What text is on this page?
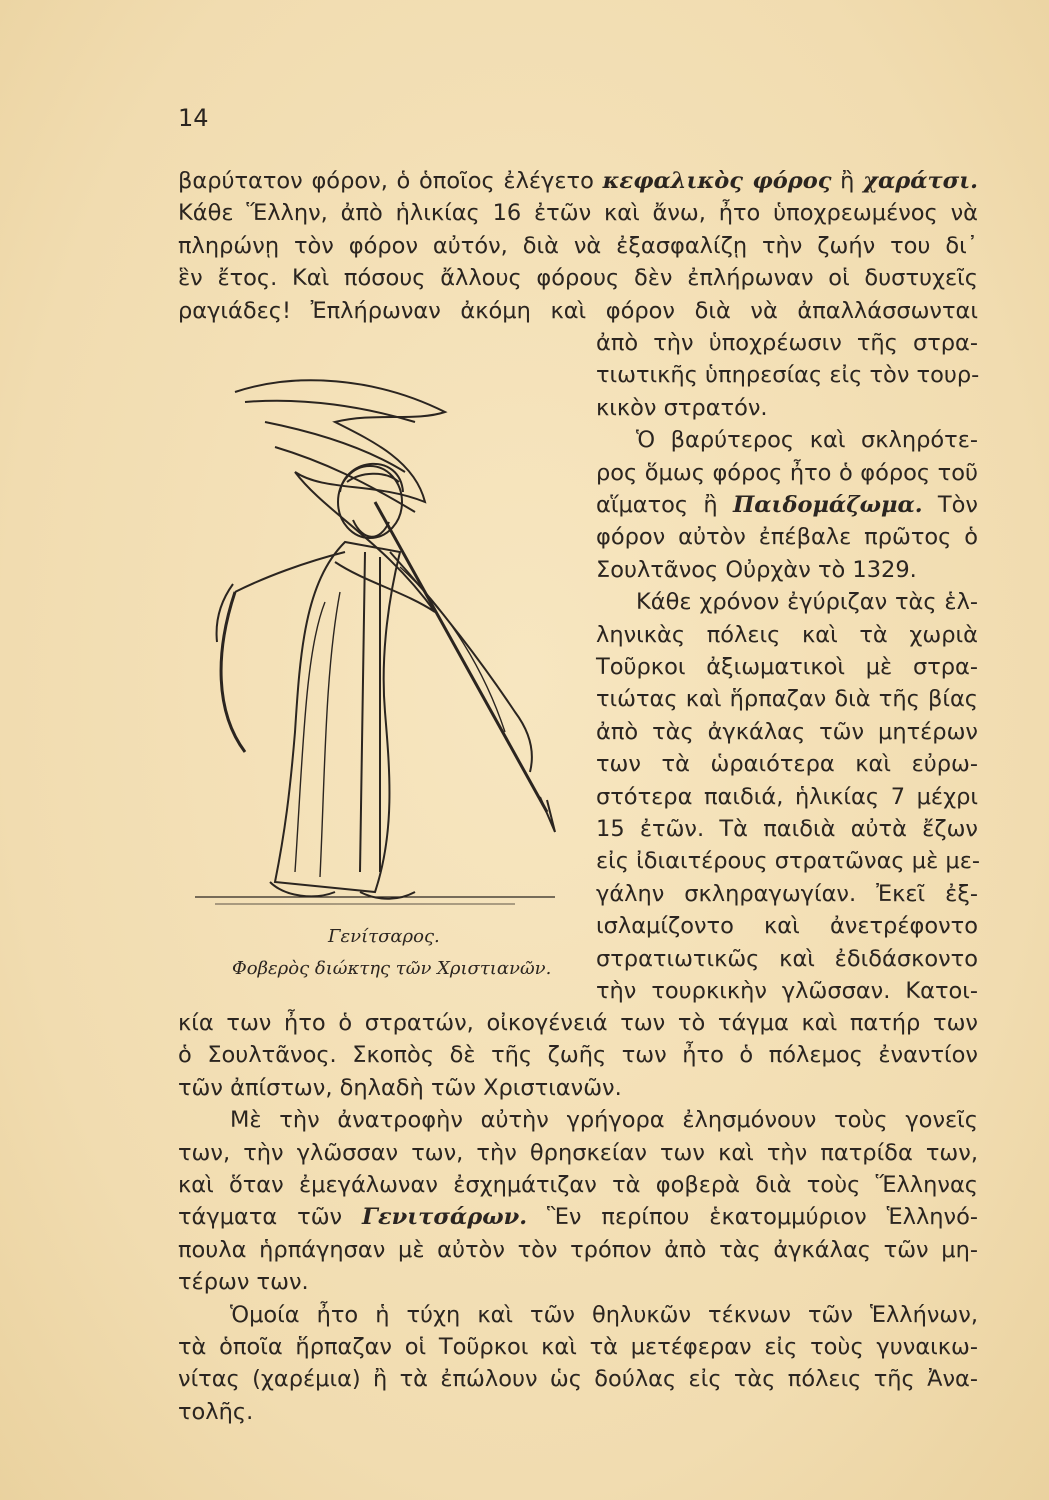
14
βαρύτατον φόρον, ὁ ὁποῖος ἐλέγετο κεφαλικὸς φόρος ἢ χαράτσι.
Κάθε Ἕλλην, ἀπὸ ἡλικίας 16 ἐτῶν καὶ ἄνω, ἦτο ὑποχρεωμένος νὰ
πληρώνῃ τὸν φόρον αὐτόν, διὰ νὰ ἐξασφαλίζῃ τὴν ζωήν του δι᾽
ἓν ἔτος. Καὶ πόσους ἄλλους φόρους δὲν ἐπλήρωναν οἱ δυστυχεῖς
ραγιάδες! Ἐπλήρωναν ἀκόμη καὶ φόρον διὰ νὰ ἀπαλλάσσωνται
ἀπὸ τὴν ὑποχρέωσιν τῆς στρα-
τιωτικῆς ὑπηρεσίας εἰς τὸν τουρ-
κικὸν στρατόν.
Ὁ βαρύτερος καὶ σκληρότε-
ρος ὅμως φόρος ἦτο ὁ φόρος τοῦ
αἵματος ἢ Παιδομάζωμα. Τὸν
φόρον αὐτὸν ἐπέβαλε πρῶτος ὁ
Σουλτᾶνος Οὐρχὰν τὸ 1329.
Κάθε χρόνον ἐγύριζαν τὰς ἑλ-
ληνικὰς πόλεις καὶ τὰ χωριὰ
Τοῦρκοι ἀξιωματικοὶ μὲ στρα-
τιώτας καὶ ἥρπαζαν διὰ τῆς βίας
ἀπὸ τὰς ἀγκάλας τῶν μητέρων
των τὰ ὡραιότερα καὶ εὐρω-
στότερα παιδιά, ἡλικίας 7 μέχρι
15 ἐτῶν. Τὰ παιδιὰ αὐτὰ ἔζων
εἰς ἰδιαιτέρους στρατῶνας μὲ με-
γάλην σκληραγωγίαν. Ἐκεῖ ἐξ-
ισλαμίζοντο καὶ ἀνετρέφοντο
στρατιωτικῶς καὶ ἐδιδάσκοντο
τὴν τουρκικὴν γλῶσσαν. Κατοι-
κία των ἦτο ὁ στρατών, οἰκογένειά των τὸ τάγμα καὶ πατήρ των
ὁ Σουλτᾶνος. Σκοπὸς δὲ τῆς ζωῆς των ἦτο ὁ πόλεμος ἐναντίον
τῶν ἀπίστων, δηλαδὴ τῶν Χριστιανῶν.
Μὲ τὴν ἀνατροφὴν αὐτὴν γρήγορα ἐλησμόνουν τοὺς γονεῖς
των, τὴν γλῶσσαν των, τὴν θρησκείαν των καὶ τὴν πατρίδα των,
καὶ ὅταν ἐμεγάλωναν ἐσχημάτιζαν τὰ φοβερὰ διὰ τοὺς Ἕλληνας
τάγματα τῶν Γενιτσάρων. Ἓν περίπου ἑκατομμύριον Ἑλληνό-
πουλα ἡρπάγησαν μὲ αὐτὸν τὸν τρόπον ἀπὸ τὰς ἀγκάλας τῶν μη-
τέρων των.
Ὁμοία ἦτο ἡ τύχη καὶ τῶν θηλυκῶν τέκνων τῶν Ἑλλήνων,
τὰ ὁποῖα ἥρπαζαν οἱ Τοῦρκοι καὶ τὰ μετέφεραν εἰς τοὺς γυναικω-
νίτας (χαρέμια) ἢ τὰ ἐπώλουν ὡς δούλας εἰς τὰς πόλεις τῆς Ἀνα-
τολῆς.
Γενίτσαρος.
Φοβερὸς διώκτης τῶν Χριστιανῶν.
